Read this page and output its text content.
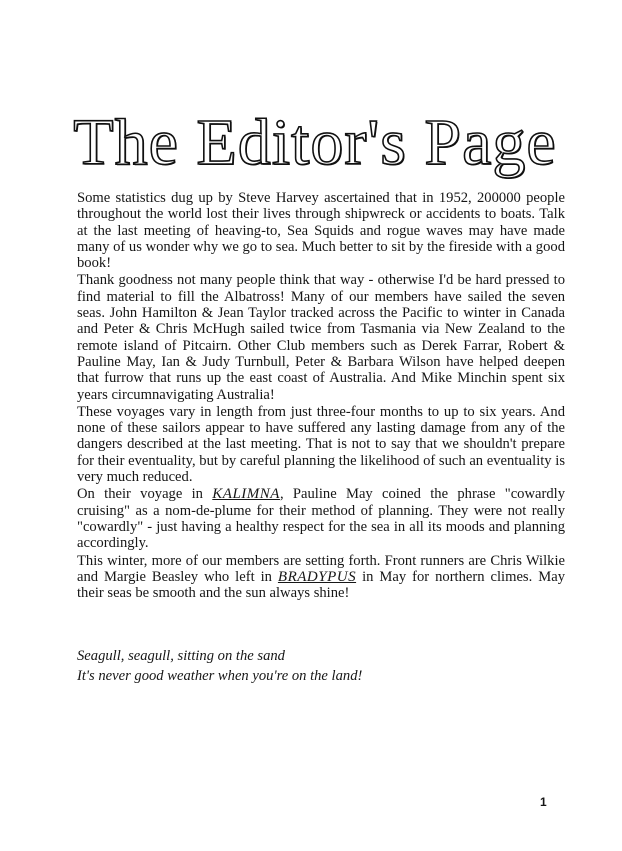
The Editor's Page

Some statistics dug up by Steve Harvey ascertained that in 1952, 200000 people throughout the world lost their lives through shipwreck or accidents to boats. Talk at the last meeting of heaving-to, Sea Squids and rogue waves may have made many of us wonder why we go to sea. Much better to sit by the fireside with a good book!

Thank goodness not many people think that way - otherwise I'd be hard pressed to find material to fill the Albatross! Many of our members have sailed the seven seas. John Hamilton & Jean Taylor tracked across the Pacific to winter in Canada and Peter & Chris McHugh sailed twice from Tasmania via New Zealand to the remote island of Pitcairn. Other Club members such as Derek Farrar, Robert & Pauline May, Ian & Judy Turnbull, Peter & Barbara Wilson have helped deepen that furrow that runs up the east coast of Australia. And Mike Minchin spent six years circumnavigating Australia!

These voyages vary in length from just three-four months to up to six years. And none of these sailors appear to have suffered any lasting damage from any of the dangers described at the last meeting. That is not to say that we shouldn't prepare for their eventuality, but by careful planning the likelihood of such an eventuality is very much reduced.

On their voyage in KALIMNA, Pauline May coined the phrase "cowardly cruising" as a nom-de-plume for their method of planning. They were not really "cowardly" - just having a healthy respect for the sea in all its moods and planning accordingly.

This winter, more of our members are setting forth. Front runners are Chris Wilkie and Margie Beasley who left in BRADYPUS in May for northern climes. May their seas be smooth and the sun always shine!

Seagull, seagull, sitting on the sand
It's never good weather when you're on the land!
1
